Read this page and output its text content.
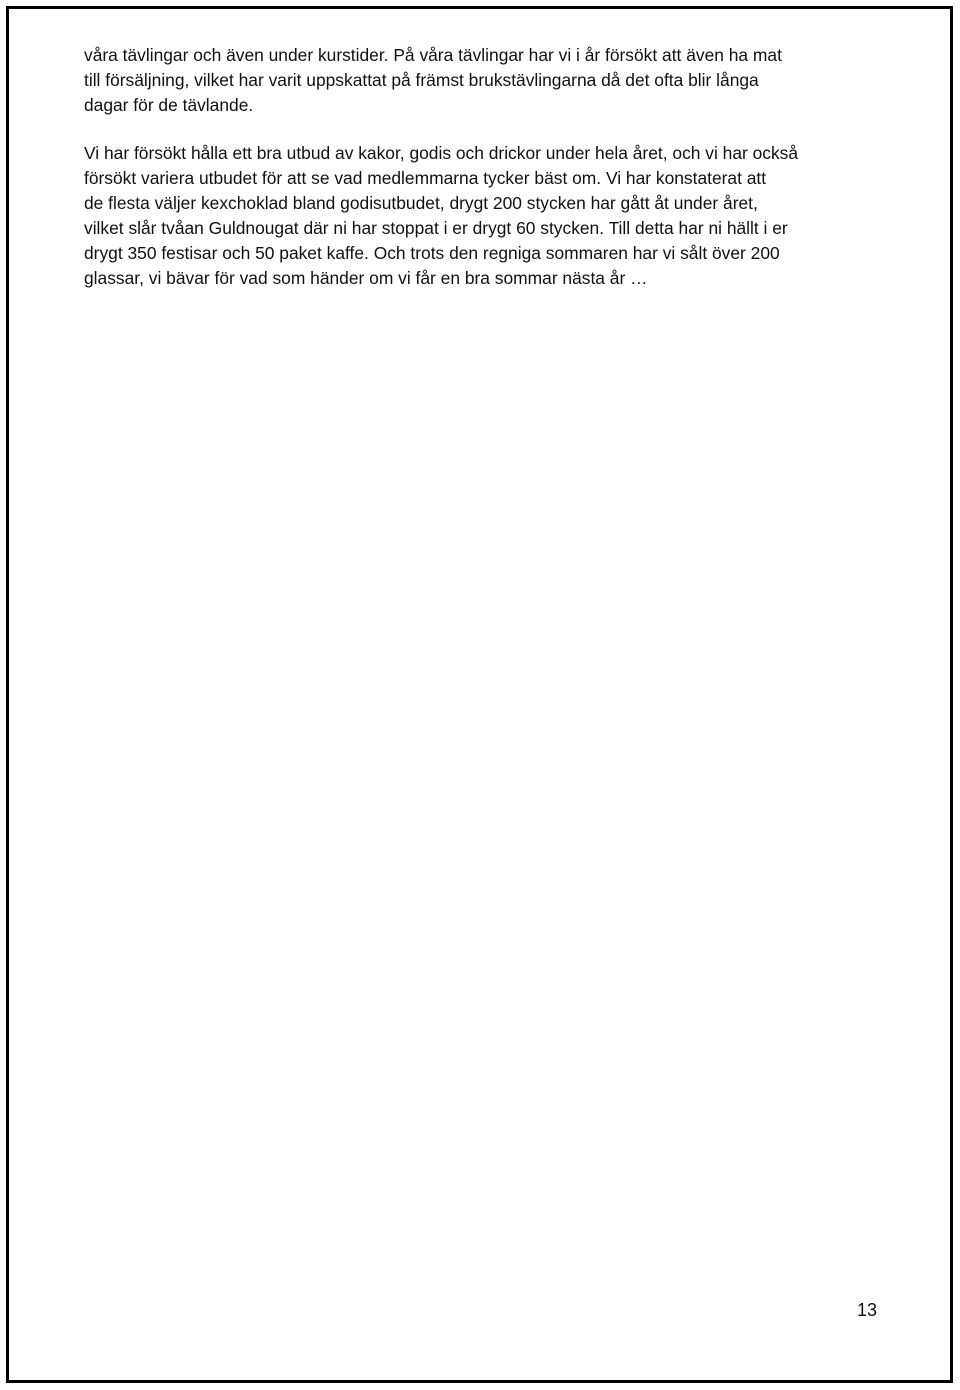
våra tävlingar och även under kurstider. På våra tävlingar har vi i år försökt att även ha mat
till försäljning, vilket har varit uppskattat på främst brukstävlingarna då det ofta blir långa
dagar för de tävlande.

Vi har försökt hålla ett bra utbud av kakor, godis och drickor under hela året, och vi har också
försökt variera utbudet för att se vad medlemmarna tycker bäst om. Vi har konstaterat att
de flesta väljer kexchoklad bland godisutbudet, drygt 200 stycken har gått åt under året,
vilket slår tvåan Guldnougat där ni har stoppat i er drygt 60 stycken. Till detta har ni hällt i er
drygt 350 festisar och 50 paket kaffe. Och trots den regniga sommaren har vi sålt över 200
glassar, vi bävar för vad som händer om vi får en bra sommar nästa år …

13
